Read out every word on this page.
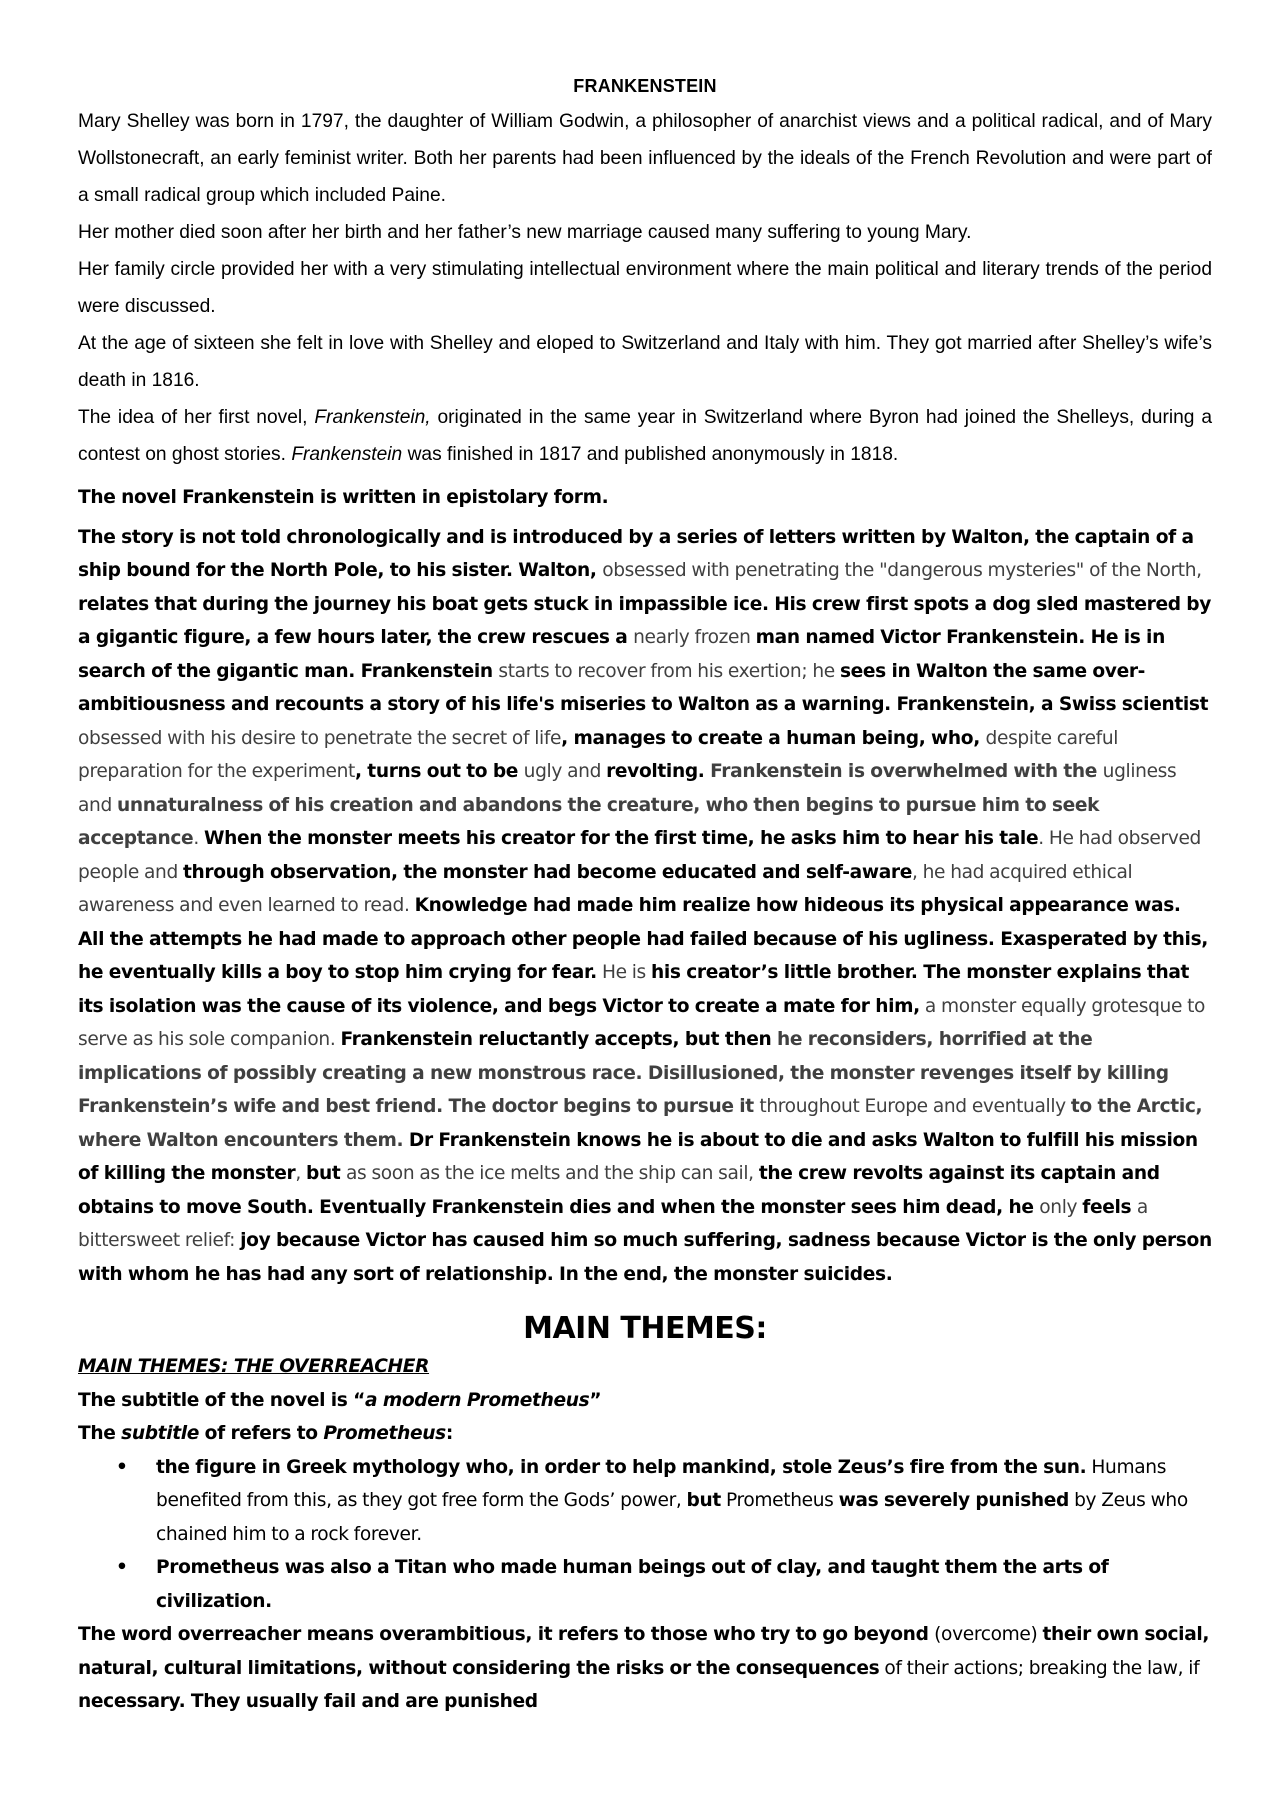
FRANKENSTEIN

Mary Shelley was born in 1797, the daughter of William Godwin, a philosopher of anarchist views and a political radical, and of Mary Wollstonecraft, an early feminist writer. Both her parents had been influenced by the ideals of the French Revolution and were part of a small radical group which included Paine.

Her mother died soon after her birth and her father’s new marriage caused many suffering to young Mary.

Her family circle provided her with a very stimulating intellectual environment where the main political and literary trends of the period were discussed.

At the age of sixteen she felt in love with Shelley and eloped to Switzerland and Italy with him. They got married after Shelley’s wife’s death in 1816.

The idea of her first novel, Frankenstein, originated in the same year in Switzerland where Byron had joined the Shelleys, during a contest on ghost stories. Frankenstein was finished in 1817 and published anonymously in 1818.

The novel Frankenstein is written in epistolary form.

The story is not told chronologically and is introduced by a series of letters written by Walton, the captain of a ship bound for the North Pole, to his sister. Walton, obsessed with penetrating the "dangerous mysteries" of the North, relates that during the journey his boat gets stuck in impassible ice. His crew first spots a dog sled mastered by a gigantic figure, a few hours later, the crew rescues a nearly frozen man named Victor Frankenstein. He is in search of the gigantic man. Frankenstein starts to recover from his exertion; he sees in Walton the same over-ambitiousness and recounts a story of his life's miseries to Walton as a warning. Frankenstein, a Swiss scientist obsessed with his desire to penetrate the secret of life, manages to create a human being, who, despite careful preparation for the experiment, turns out to be ugly and revolting. Frankenstein is overwhelmed with the ugliness and unnaturalness of his creation and abandons the creature, who then begins to pursue him to seek acceptance. When the monster meets his creator for the first time, he asks him to hear his tale. He had observed people and through observation, the monster had become educated and self-aware, he had acquired ethical awareness and even learned to read. Knowledge had made him realize how hideous its physical appearance was. All the attempts he had made to approach other people had failed because of his ugliness. Exasperated by this, he eventually kills a boy to stop him crying for fear. He is his creator’s little brother. The monster explains that its isolation was the cause of its violence, and begs Victor to create a mate for him, a monster equally grotesque to serve as his sole companion. Frankenstein reluctantly accepts, but then he reconsiders, horrified at the implications of possibly creating a new monstrous race. Disillusioned, the monster revenges itself by killing Frankenstein’s wife and best friend. The doctor begins to pursue it throughout Europe and eventually to the Arctic, where Walton encounters them. Dr Frankenstein knows he is about to die and asks Walton to fulfill his mission of killing the monster, but as soon as the ice melts and the ship can sail, the crew revolts against its captain and obtains to move South. Eventually Frankenstein dies and when the monster sees him dead, he only feels a bittersweet relief: joy because Victor has caused him so much suffering, sadness because Victor is the only person with whom he has had any sort of relationship. In the end, the monster suicides.

MAIN THEMES:

MAIN THEMES: THE OVERREACHER

The subtitle of the novel is “a modern Prometheus”

The subtitle of refers to Prometheus:

• the figure in Greek mythology who, in order to help mankind, stole Zeus’s fire from the sun. Humans benefited from this, as they got free form the Gods’ power, but Prometheus was severely punished by Zeus who chained him to a rock forever.
• Prometheus was also a Titan who made human beings out of clay, and taught them the arts of civilization.

The word overreacher means overambitious, it refers to those who try to go beyond (overcome) their own social, natural, cultural limitations, without considering the risks or the consequences of their actions; breaking the law, if necessary. They usually fail and are punished
